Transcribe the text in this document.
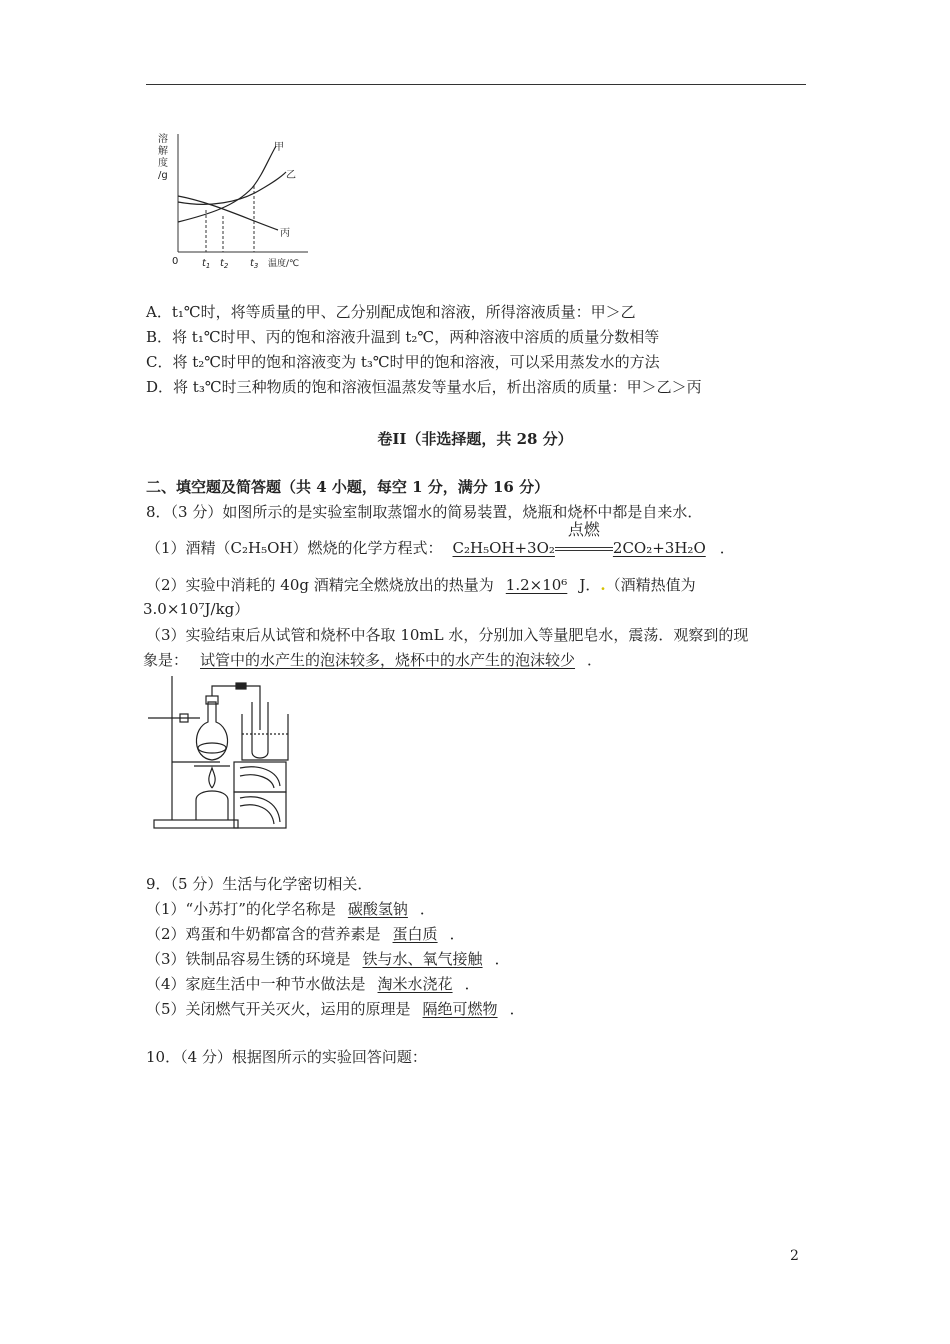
溶
解
度
/g
甲
乙
丙
0 $t_1$ $t_2$ $t_3$ 温度/℃
A．t₁℃时，将等质量的甲、乙分别配成饱和溶液，所得溶液质量：甲＞乙
B．将 t₁℃时甲、丙的饱和溶液升温到 t₂℃，两种溶液中溶质的质量分数相等
C．将 t₂℃时甲的饱和溶液变为 t₃℃时甲的饱和溶液，可以采用蒸发水的方法
D．将 t₃℃时三种物质的饱和溶液恒温蒸发等量水后，析出溶质的质量：甲＞乙＞丙
卷II（非选择题，共 28 分）
二、填空题及简答题（共 4 小题，每空 1 分，满分 16 分）
8．（3 分）如图所示的是实验室制取蒸馏水的简易装置，烧瓶和烧杯中都是自来水．
（1）酒精（C₂H₅OH）燃烧的化学方程式： C₂H₅OH+3O₂
点燃
2CO₂+3H₂O ．
（2）实验中消耗的 40g 酒精完全燃烧放出的热量为 1.2×10⁶ J．.（酒精热值为
3.0×10⁷J/kg）
（3）实验结束后从试管和烧杯中各取 10mL 水，分别加入等量肥皂水，震荡．观察到的现
象是： 试管中的水产生的泡沫较多，烧杯中的水产生的泡沫较少 ．
9．（5 分）生活与化学密切相关．
（1）“小苏打”的化学名称是 碳酸氢钠 ．
（2）鸡蛋和牛奶都富含的营养素是 蛋白质 ．
（3）铁制品容易生锈的环境是 铁与水、氧气接触 ．
（4）家庭生活中一种节水做法是 淘米水浇花 ．
（5）关闭燃气开关灭火，运用的原理是 隔绝可燃物 ．
10．（4 分）根据图所示的实验回答问题：
2
